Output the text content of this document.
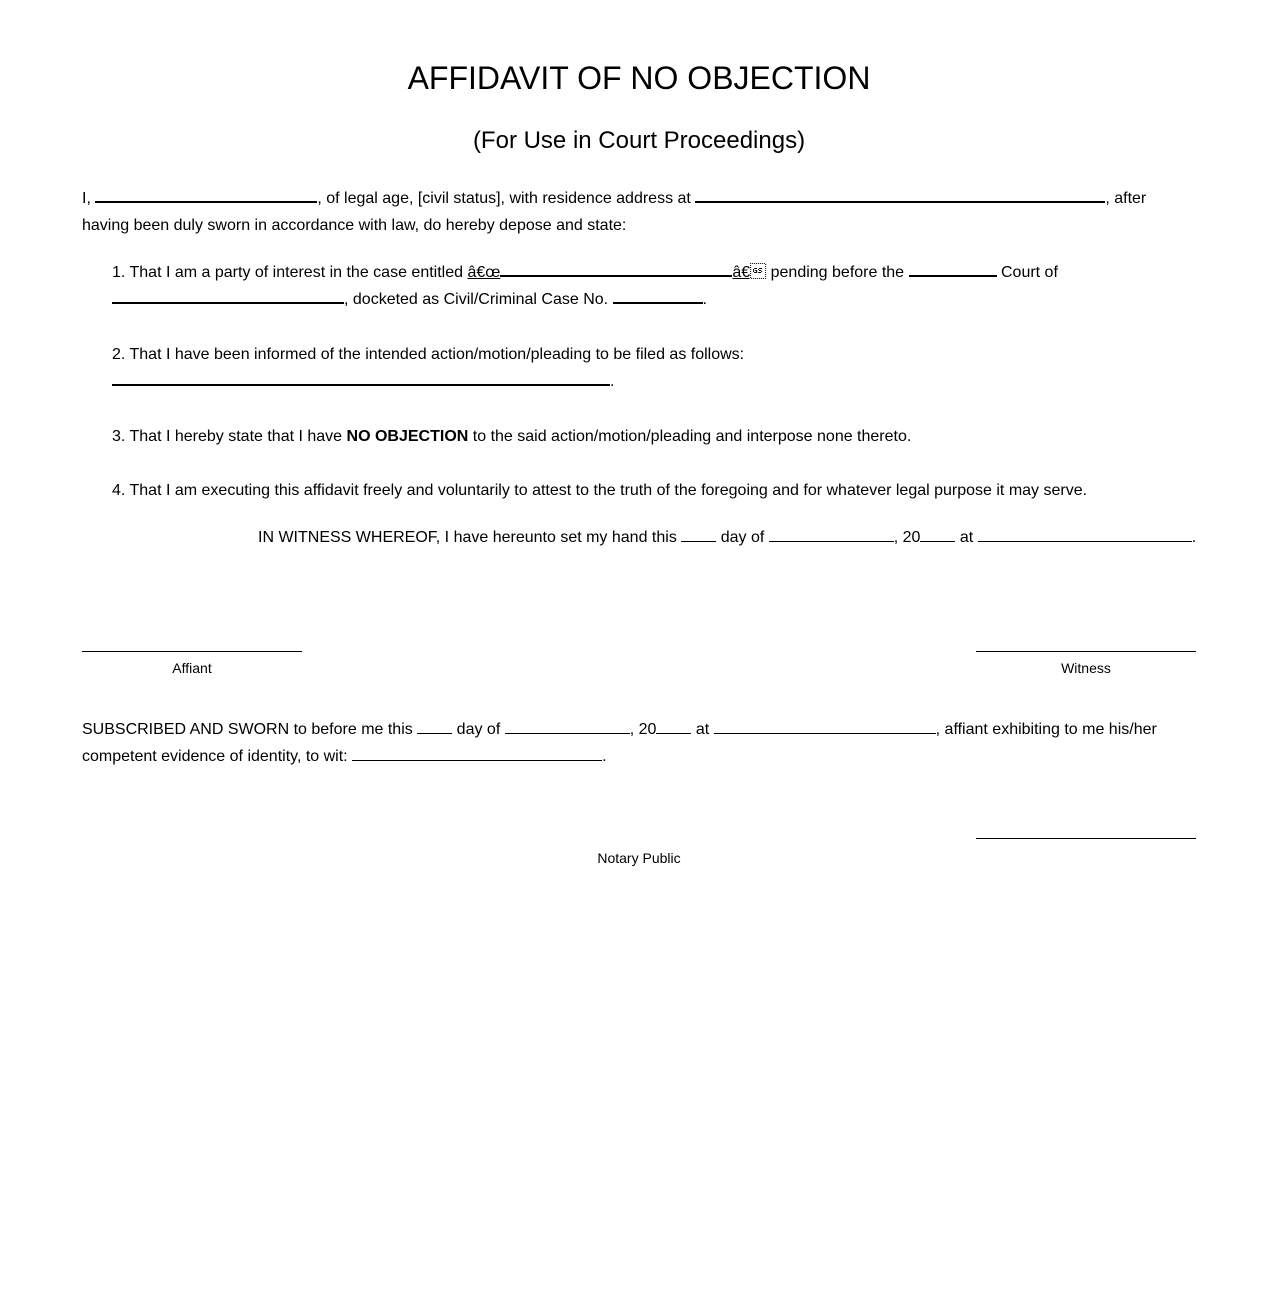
AFFIDAVIT OF NO OBJECTION
(For Use in Court Proceedings)
I,	, of legal age, [civil status], with residence address at	, after
having been duly sworn in accordance with law, do hereby depose and state:
1. That I am a party of interest in the case entitled â€œ	â€ pending before the	Court of
, docketed as Civil/Criminal Case No.	.
2. That I have been informed of the intended action/motion/pleading to be filed as follows:
.
3. That I hereby state that I have NO OBJECTION to the said action/motion/pleading and interpose none thereto.
4. That I am executing this affidavit freely and voluntarily to attest to the truth of the foregoing and for whatever legal purpose it may serve.
IN WITNESS WHEREOF, I have hereunto set my hand this	day of	, 20 at	.
Affiant	Witness
SUBSCRIBED AND SWORN to before me this	day of	, 20 at	, affiant exhibiting to me his/her
competent evidence of identity, to wit:	.
Notary Public
